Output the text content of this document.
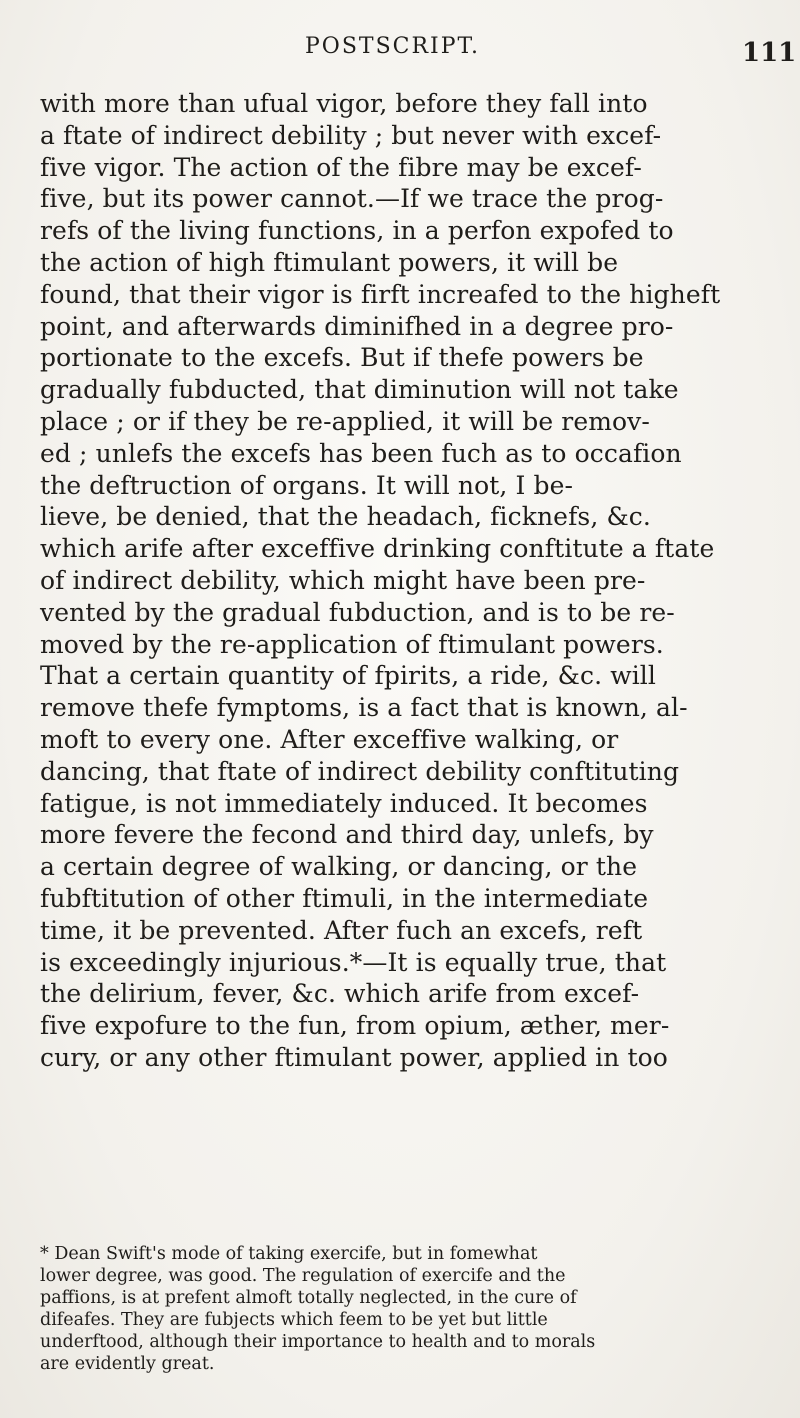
POSTSCRIPT.	111
with more than ufual vigor, before they fall into
a ftate of indirect debility ; but never with excef-
five vigor. The action of the fibre may be excef-
five, but its power cannot.—If we trace the prog-
refs of the living functions, in a perfon expofed to
the action of high ftimulant powers, it will be
found, that their vigor is firft increafed to the higheft
point, and afterwards diminifhed in a degree pro-
portionate to the excefs. But if thefe powers be
gradually fubducted, that diminution will not take
place ; or if they be re-applied, it will be remov-
ed ; unlefs the excefs has been fuch as to occafion
the deftruction of organs. It will not, I be-
lieve, be denied, that the headach, ficknefs, &c.
which arife after exceffive drinking conftitute a ftate
of indirect debility, which might have been pre-
vented by the gradual fubduction, and is to be re-
moved by the re-application of ftimulant powers.
That a certain quantity of fpirits, a ride, &c. will
remove thefe fymptoms, is a fact that is known, al-
moft to every one. After exceffive walking, or
dancing, that ftate of indirect debility conftituting
fatigue, is not immediately induced. It becomes
more fevere the fecond and third day, unlefs, by
a certain degree of walking, or dancing, or the
fubftitution of other ftimuli, in the intermediate
time, it be prevented. After fuch an excefs, reft
is exceedingly injurious.*—It is equally true, that
the delirium, fever, &c. which arife from excef-
five expofure to the fun, from opium, æther, mer-
cury, or any other ftimulant power, applied in too
* Dean Swift's mode of taking exercife, but in fomewhat
lower degree, was good. The regulation of exercife and the
paffions, is at prefent almoft totally neglected, in the cure of
difeafes. They are fubjects which feem to be yet but little
underftood, although their importance to health and to morals
are evidently great.
